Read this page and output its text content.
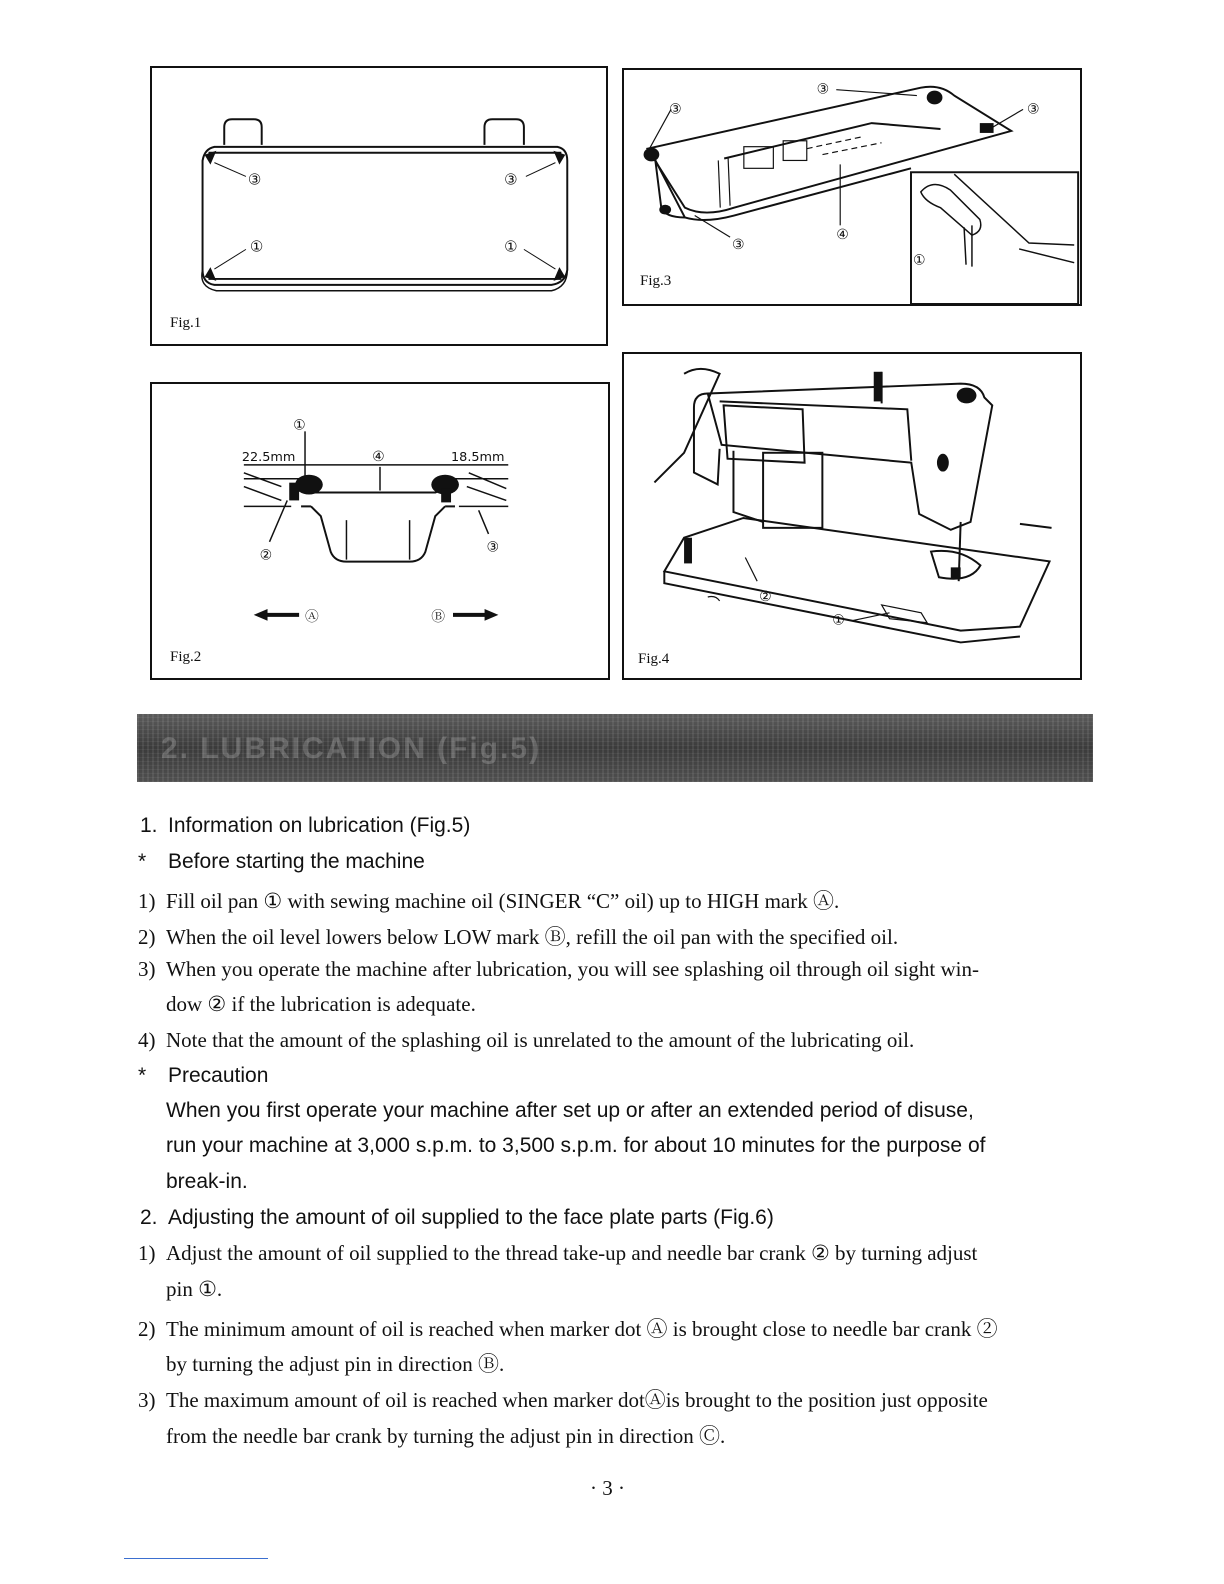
③	③
①	①
Fig.1
22.5mm	18.5mm
①
④
②	③
Ⓐ	Ⓑ
Fig.2
③
③	③
③
④
①
Fig.3
②
①
Fig.4
2. LUBRICATION (Fig.5)
1. Information on lubrication (Fig.5)
* Before starting the machine
1) Fill oil pan ① with sewing machine oil (SINGER “C” oil) up to HIGH mark Ⓐ.
2) When the oil level lowers below LOW mark Ⓑ, refill the oil pan with the specified oil.
3) When you operate the machine after lubrication, you will see splashing oil through oil sight win-
dow ② if the lubrication is adequate.
4) Note that the amount of the splashing oil is unrelated to the amount of the lubricating oil.
* Precaution
When you first operate your machine after set up or after an extended period of disuse,
run your machine at 3,000 s.p.m. to 3,500 s.p.m. for about 10 minutes for the purpose of
break-in.
2. Adjusting the amount of oil supplied to the face plate parts (Fig.6)
1) Adjust the amount of oil supplied to the thread take-up and needle bar crank ② by turning adjust
pin ①.
2) The minimum amount of oil is reached when marker dot Ⓐ is brought close to needle bar crank ②
by turning the adjust pin in direction Ⓑ.
3) The maximum amount of oil is reached when marker dotⒶis brought to the position just opposite
from the needle bar crank by turning the adjust pin in direction Ⓒ.
· 3 ·
